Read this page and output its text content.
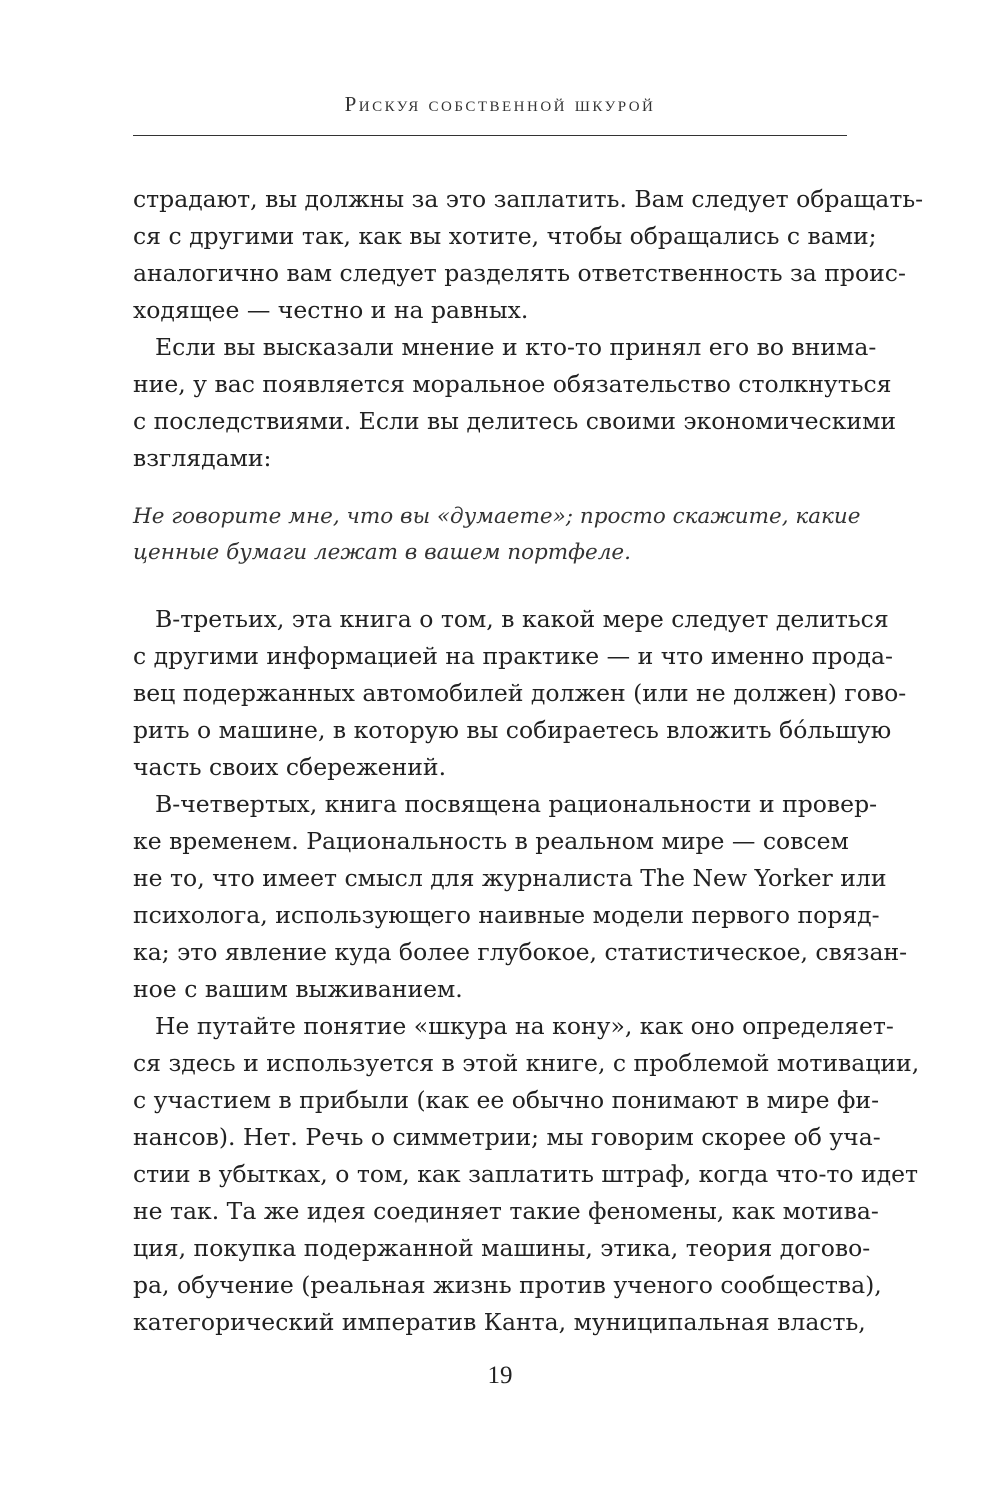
Рискуя собственной шкурой
страдают, вы должны за это заплатить. Вам следует обращать-
ся с другими так, как вы хотите, чтобы обращались с вами;
аналогично вам следует разделять ответственность за проис-
ходящее — честно и на равных.
Если вы высказали мнение и кто-то принял его во внима-
ние, у вас появляется моральное обязательство столкнуться
с последствиями. Если вы делитесь своими экономическими
взглядами:
Не говорите мне, что вы «думаете»; просто скажите, какие
ценные бумаги лежат в вашем портфеле.
В-третьих, эта книга о том, в какой мере следует делиться
с другими информацией на практике — и что именно прода-
вец подержанных автомобилей должен (или не должен) гово-
рить о машине, в которую вы собираетесь вложить бóльшую
часть своих сбережений.
В-четвертых, книга посвящена рациональности и провер-
ке временем. Рациональность в реальном мире — совсем
не то, что имеет смысл для журналиста The New Yorker или
психолога, использующего наивные модели первого поряд-
ка; это явление куда более глубокое, статистическое, связан-
ное с вашим выживанием.
Не путайте понятие «шкура на кону», как оно определяет-
ся здесь и используется в этой книге, с проблемой мотивации,
с участием в прибыли (как ее обычно понимают в мире фи-
нансов). Нет. Речь о симметрии; мы говорим скорее об уча-
стии в убытках, о том, как заплатить штраф, когда что-то идет
не так. Та же идея соединяет такие феномены, как мотива-
ция, покупка подержанной машины, этика, теория догово-
ра, обучение (реальная жизнь против ученого сообщества),
категорический императив Канта, муниципальная власть,
19
